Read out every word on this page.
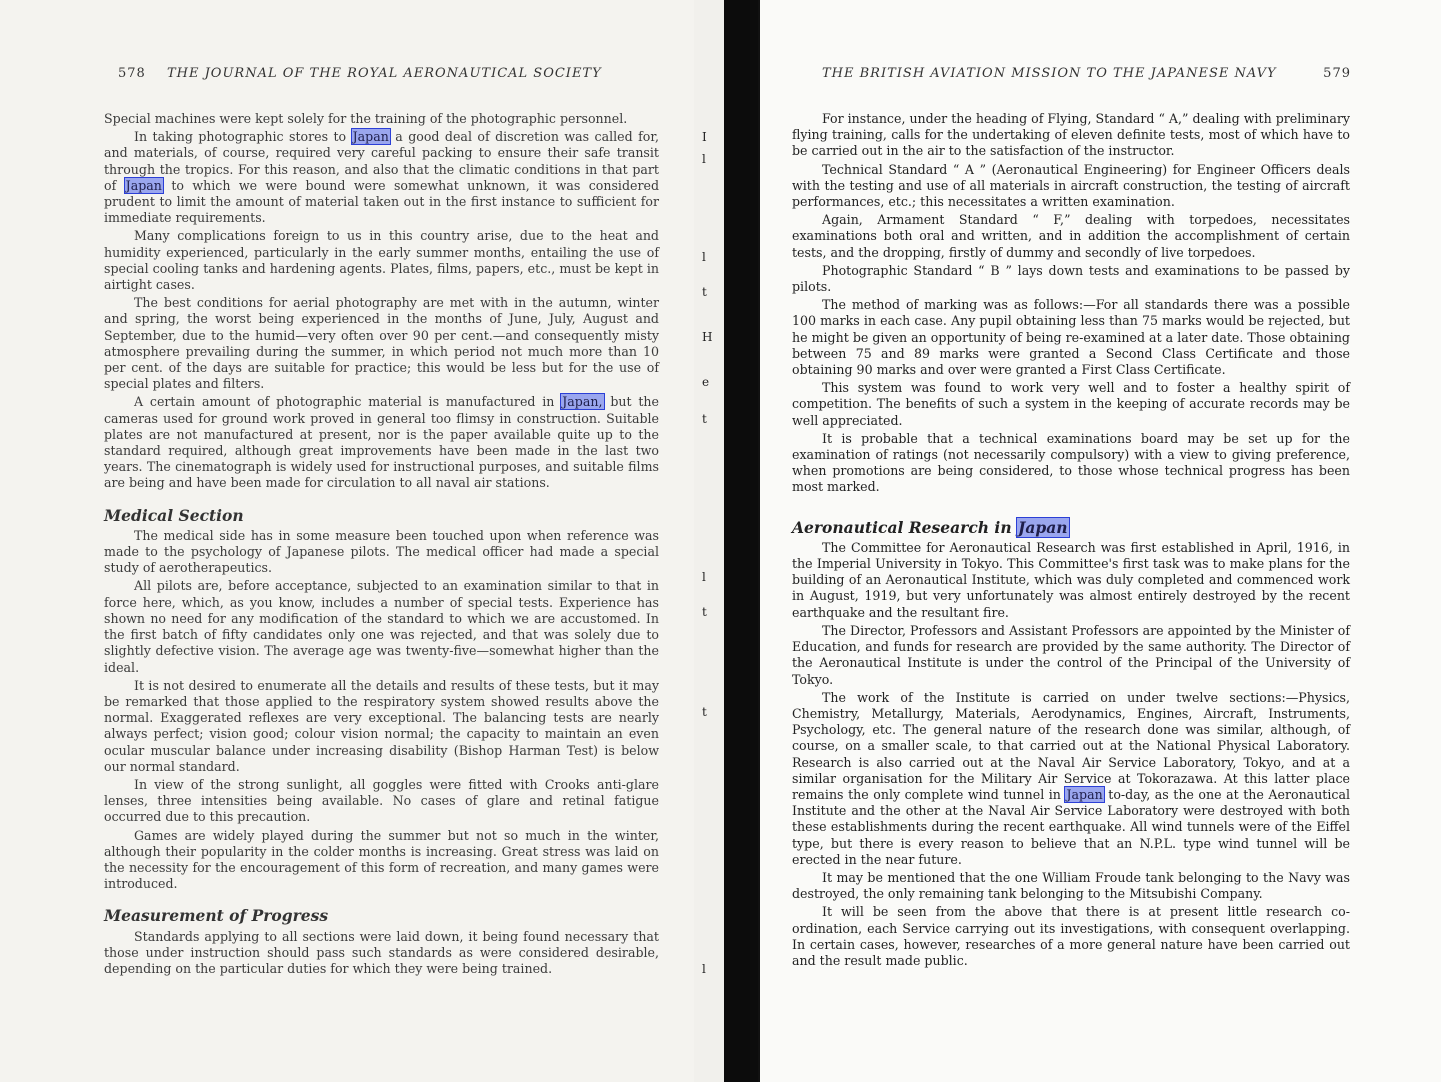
578 THE JOURNAL OF THE ROYAL AERONAUTICAL SOCIETY

Special machines were kept solely for the training of the photographic personnel.

In taking photographic stores to Japan a good deal of discretion was called for, and materials, of course, required very careful packing to ensure their safe transit through the tropics. For this reason, and also that the climatic conditions in that part of Japan to which we were bound were somewhat unknown, it was considered prudent to limit the amount of material taken out in the first instance to sufficient for immediate requirements.

Many complications foreign to us in this country arise, due to the heat and humidity experienced, particularly in the early summer months, entailing the use of special cooling tanks and hardening agents. Plates, films, papers, etc., must be kept in airtight cases.

The best conditions for aerial photography are met with in the autumn, winter and spring, the worst being experienced in the months of June, July, August and September, due to the humid—very often over 90 per cent.—and consequently misty atmosphere prevailing during the summer, in which period not much more than 10 per cent. of the days are suitable for practice; this would be less but for the use of special plates and filters.

A certain amount of photographic material is manufactured in Japan, but the cameras used for ground work proved in general too flimsy in construction. Suitable plates are not manufactured at present, nor is the paper available quite up to the standard required, although great improvements have been made in the last two years. The cinematograph is widely used for instructional purposes, and suitable films are being and have been made for circulation to all naval air stations.

Medical Section

The medical side has in some measure been touched upon when reference was made to the psychology of Japanese pilots. The medical officer had made a special study of aerotherapeutics.

All pilots are, before acceptance, subjected to an examination similar to that in force here, which, as you know, includes a number of special tests. Experience has shown no need for any modification of the standard to which we are accustomed. In the first batch of fifty candidates only one was rejected, and that was solely due to slightly defective vision. The average age was twenty-five—somewhat higher than the ideal.

It is not desired to enumerate all the details and results of these tests, but it may be remarked that those applied to the respiratory system showed results above the normal. Exaggerated reflexes are very exceptional. The balancing tests are nearly always perfect; vision good; colour vision normal; the capacity to maintain an even ocular muscular balance under increasing disability (Bishop Harman Test) is below our normal standard.

In view of the strong sunlight, all goggles were fitted with Crooks anti-glare lenses, three intensities being available. No cases of glare and retinal fatigue occurred due to this precaution.

Games are widely played during the summer but not so much in the winter, although their popularity in the colder months is increasing. Great stress was laid on the necessity for the encouragement of this form of recreation, and many games were introduced.

Measurement of Progress

Standards applying to all sections were laid down, it being found necessary that those under instruction should pass such standards as were considered desirable, depending on the particular duties for which they were being trained.

I
l
l
t
H
e
t
l
t
t
l
THE BRITISH AVIATION MISSION TO THE JAPANESE NAVY	579

For instance, under the heading of Flying, Standard “ A,” dealing with preliminary flying training, calls for the undertaking of eleven definite tests, most of which have to be carried out in the air to the satisfaction of the instructor.

Technical Standard “ A ” (Aeronautical Engineering) for Engineer Officers deals with the testing and use of all materials in aircraft construction, the testing of aircraft performances, etc.; this necessitates a written examination.

Again, Armament Standard “ F,” dealing with torpedoes, necessitates examinations both oral and written, and in addition the accomplishment of certain tests, and the dropping, firstly of dummy and secondly of live torpedoes.

Photographic Standard “ B ” lays down tests and examinations to be passed by pilots.

The method of marking was as follows:—For all standards there was a possible 100 marks in each case. Any pupil obtaining less than 75 marks would be rejected, but he might be given an opportunity of being re-examined at a later date. Those obtaining between 75 and 89 marks were granted a Second Class Certificate and those obtaining 90 marks and over were granted a First Class Certificate.

This system was found to work very well and to foster a healthy spirit of competition. The benefits of such a system in the keeping of accurate records may be well appreciated.

It is probable that a technical examinations board may be set up for the examination of ratings (not necessarily compulsory) with a view to giving preference, when promotions are being considered, to those whose technical progress has been most marked.

Aeronautical Research in Japan

The Committee for Aeronautical Research was first established in April, 1916, in the Imperial University in Tokyo. This Committee's first task was to make plans for the building of an Aeronautical Institute, which was duly completed and commenced work in August, 1919, but very unfortunately was almost entirely destroyed by the recent earthquake and the resultant fire.

The Director, Professors and Assistant Professors are appointed by the Minister of Education, and funds for research are provided by the same authority. The Director of the Aeronautical Institute is under the control of the Principal of the University of Tokyo.

The work of the Institute is carried on under twelve sections:—Physics, Chemistry, Metallurgy, Materials, Aerodynamics, Engines, Aircraft, Instruments, Psychology, etc. The general nature of the research done was similar, although, of course, on a smaller scale, to that carried out at the National Physical Laboratory. Research is also carried out at the Naval Air Service Laboratory, Tokyo, and at a similar organisation for the Military Air Service at Tokorazawa. At this latter place remains the only complete wind tunnel in Japan to-day, as the one at the Aeronautical Institute and the other at the Naval Air Service Laboratory were destroyed with both these establishments during the recent earthquake. All wind tunnels were of the Eiffel type, but there is every reason to believe that an N.P.L. type wind tunnel will be erected in the near future.

It may be mentioned that the one William Froude tank belonging to the Navy was destroyed, the only remaining tank belonging to the Mitsubishi Company.

It will be seen from the above that there is at present little research co-ordination, each Service carrying out its investigations, with consequent overlapping. In certain cases, however, researches of a more general nature have been carried out and the result made public.
